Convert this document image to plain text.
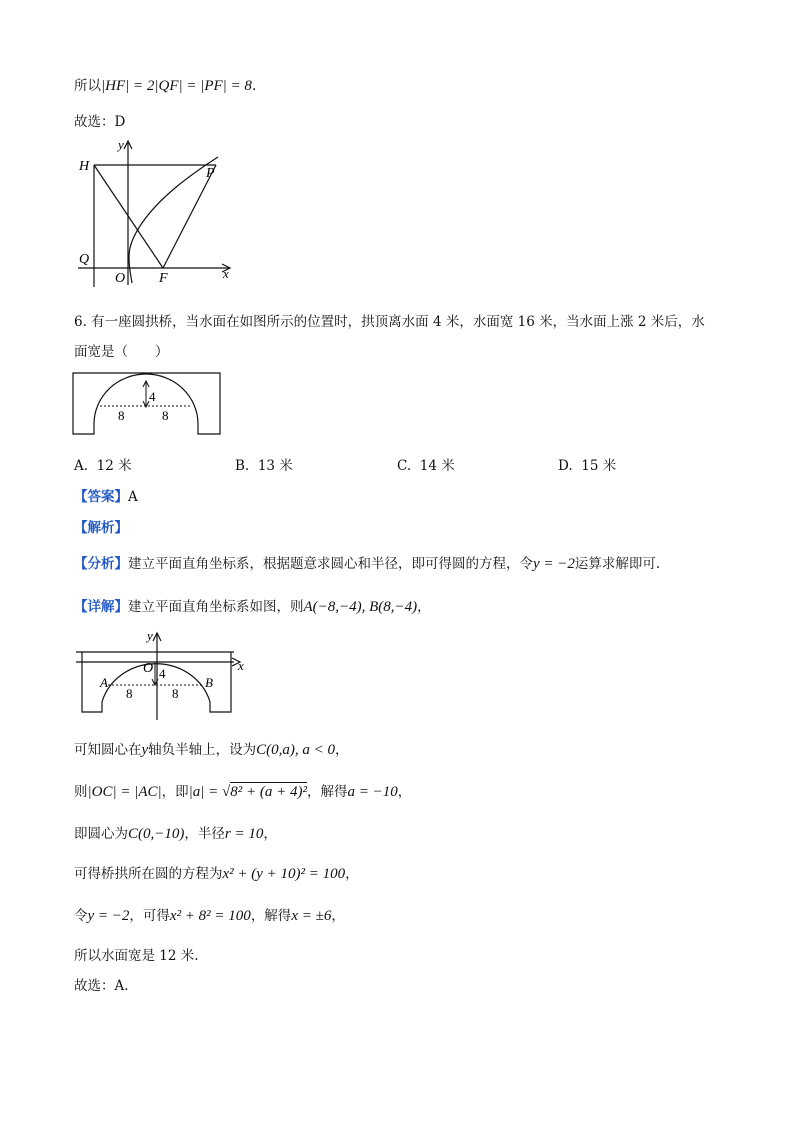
所以|HF| = 2|QF| = |PF| = 8.
故选：D
y
H	P
Q
O F	x
6. 有一座圆拱桥，当水面在如图所示的位置时，拱顶离水面 4 米，水面宽 16 米，当水面上涨 2 米后，水
面宽是（　　）
4
8	8
A. 12 米	B. 13 米	C. 14 米	D. 15 米
【答案】A
【解析】
【分析】建立平面直角坐标系，根据题意求圆心和半径，即可得圆的方程，令y = −2运算求解即可.
【详解】建立平面直角坐标系如图，则A(−8,−4), B(8,−4)，
y
O	x
4
A	B
8	8
可知圆心在y轴负半轴上，设为C(0,a), a < 0，
则|OC| = |AC|，即|a| = √8² + (a + 4)²，解得a = −10，
即圆心为C(0,−10)，半径r = 10，
可得桥拱所在圆的方程为x² + (y + 10)² = 100，
令y = −2，可得x² + 8² = 100，解得x = ±6，
所以水面宽是 12 米.
故选：A.
